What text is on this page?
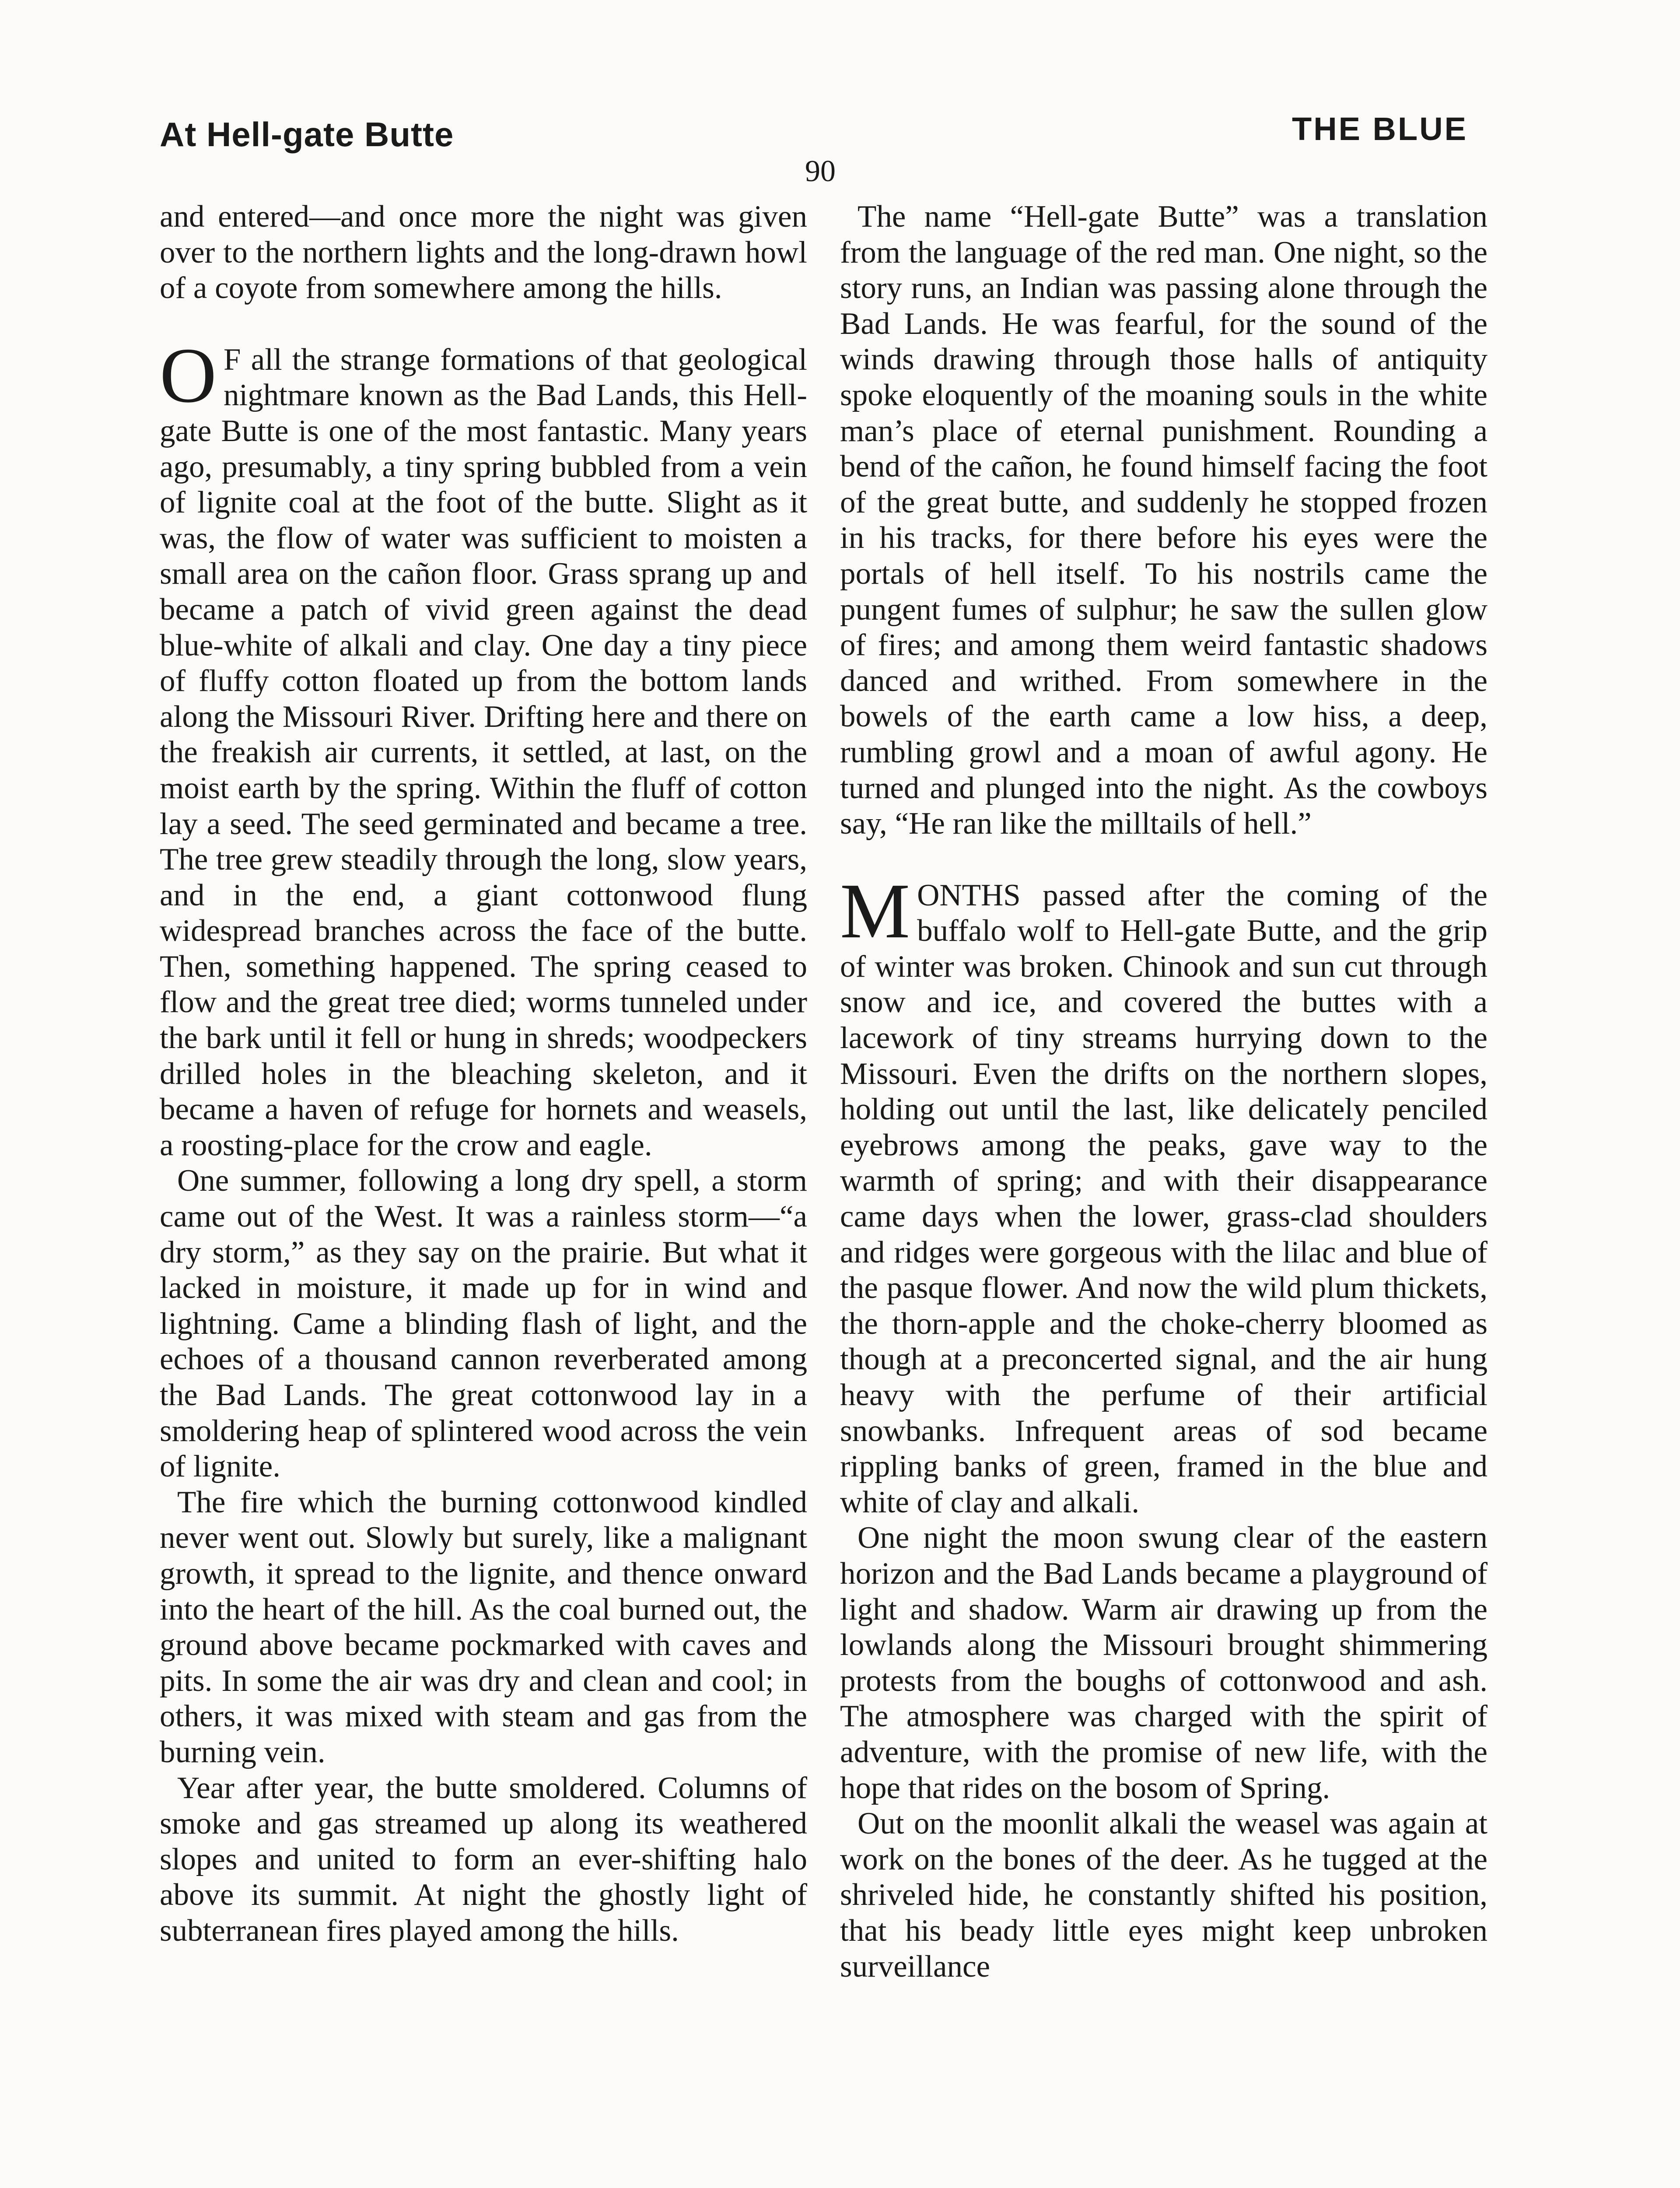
At Hell-gate Butte	THE BLUE
90

and entered—and once more the night was given over to the northern lights and the long-drawn howl of a coyote from somewhere among the hills.

O F all the strange formations of that geological nightmare known as the Bad Lands, this Hell-gate Butte is one of the most fantastic. Many years ago, presumably, a tiny spring bubbled from a vein of lignite coal at the foot of the butte. Slight as it was, the flow of water was sufficient to moisten a small area on the cañon floor. Grass sprang up and became a patch of vivid green against the dead blue-white of alkali and clay. One day a tiny piece of fluffy cotton floated up from the bottom lands along the Missouri River. Drifting here and there on the freakish air currents, it settled, at last, on the moist earth by the spring. Within the fluff of cotton lay a seed. The seed germinated and became a tree. The tree grew steadily through the long, slow years, and in the end, a giant cottonwood flung widespread branches across the face of the butte. Then, something happened. The spring ceased to flow and the great tree died; worms tunneled under the bark until it fell or hung in shreds; woodpeckers drilled holes in the bleaching skeleton, and it became a haven of refuge for hornets and weasels, a roosting-place for the crow and eagle.

One summer, following a long dry spell, a storm came out of the West. It was a rainless storm—“a dry storm,” as they say on the prairie. But what it lacked in moisture, it made up for in wind and lightning. Came a blinding flash of light, and the echoes of a thousand cannon reverberated among the Bad Lands. The great cottonwood lay in a smoldering heap of splintered wood across the vein of lignite.

The fire which the burning cottonwood kindled never went out. Slowly but surely, like a malignant growth, it spread to the lignite, and thence onward into the heart of the hill. As the coal burned out, the ground above became pockmarked with caves and pits. In some the air was dry and clean and cool; in others, it was mixed with steam and gas from the burning vein.

Year after year, the butte smoldered. Columns of smoke and gas streamed up along its weathered slopes and united to form an ever-shifting halo above its summit. At night the ghostly light of subterranean fires played among the hills.

The name “Hell-gate Butte” was a translation from the language of the red man. One night, so the story runs, an Indian was passing alone through the Bad Lands. He was fearful, for the sound of the winds drawing through those halls of antiquity spoke eloquently of the moaning souls in the white man’s place of eternal punishment. Rounding a bend of the cañon, he found himself facing the foot of the great butte, and suddenly he stopped frozen in his tracks, for there before his eyes were the portals of hell itself. To his nostrils came the pungent fumes of sulphur; he saw the sullen glow of fires; and among them weird fantastic shadows danced and writhed. From somewhere in the bowels of the earth came a low hiss, a deep, rumbling growl and a moan of awful agony. He turned and plunged into the night. As the cowboys say, “He ran like the milltails of hell.”

MONTHS passed after the coming of the buffalo wolf to Hell-gate Butte, and the grip of winter was broken. Chinook and sun cut through snow and ice, and covered the buttes with a lacework of tiny streams hurrying down to the Missouri. Even the drifts on the northern slopes, holding out until the last, like delicately penciled eyebrows among the peaks, gave way to the warmth of spring; and with their disappearance came days when the lower, grass-clad shoulders and ridges were gorgeous with the lilac and blue of the pasque flower. And now the wild plum thickets, the thorn-apple and the choke-cherry bloomed as though at a preconcerted signal, and the air hung heavy with the perfume of their artificial snowbanks. Infrequent areas of sod became rippling banks of green, framed in the blue and white of clay and alkali.

One night the moon swung clear of the eastern horizon and the Bad Lands became a playground of light and shadow. Warm air drawing up from the lowlands along the Missouri brought shimmering protests from the boughs of cottonwood and ash. The atmosphere was charged with the spirit of adventure, with the promise of new life, with the hope that rides on the bosom of Spring.

Out on the moonlit alkali the weasel was again at work on the bones of the deer. As he tugged at the shriveled hide, he constantly shifted his position, that his beady little eyes might keep unbroken surveillance
